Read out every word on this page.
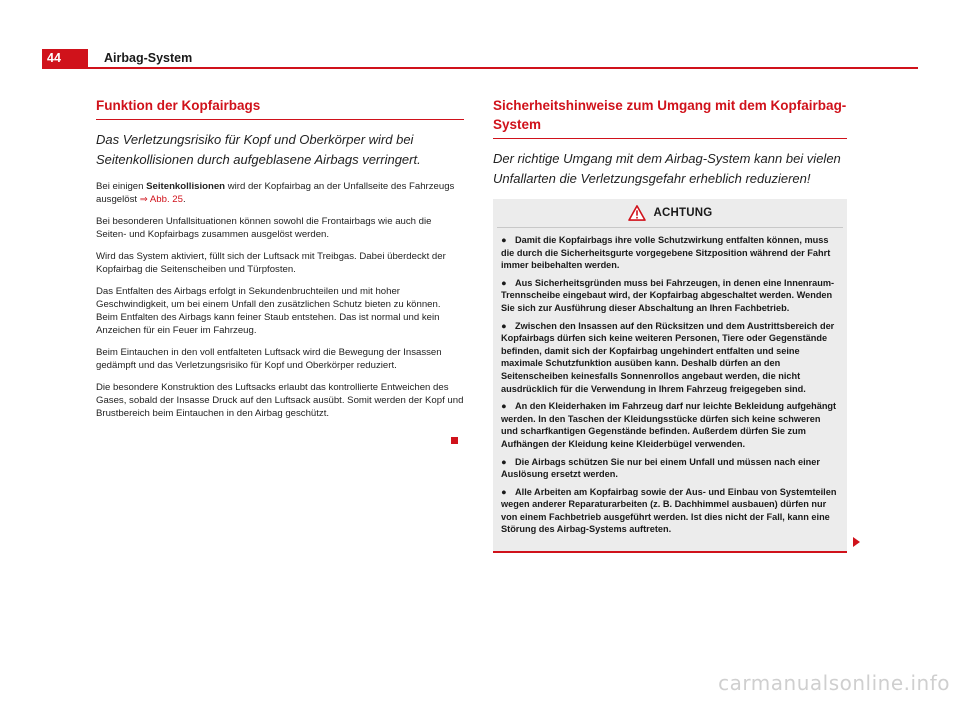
44	Airbag-System
Funktion der Kopfairbags
Das Verletzungsrisiko für Kopf und Oberkörper wird bei Seitenkollisionen durch aufgeblasene Airbags verringert.
Bei einigen Seitenkollisionen wird der Kopfairbag an der Unfallseite des Fahrzeugs ausgelöst ⇒ Abb. 25.
Bei besonderen Unfallsituationen können sowohl die Frontairbags wie auch die Seiten- und Kopfairbags zusammen ausgelöst werden.
Wird das System aktiviert, füllt sich der Luftsack mit Treibgas. Dabei überdeckt der Kopfairbag die Seitenscheiben und Türpfosten.
Das Entfalten des Airbags erfolgt in Sekundenbruchteilen und mit hoher Geschwindigkeit, um bei einem Unfall den zusätzlichen Schutz bieten zu können. Beim Entfalten des Airbags kann feiner Staub entstehen. Das ist normal und kein Anzeichen für ein Feuer im Fahrzeug.
Beim Eintauchen in den voll entfalteten Luftsack wird die Bewegung der Insassen gedämpft und das Verletzungsrisiko für Kopf und Oberkörper reduziert.
Die besondere Konstruktion des Luftsacks erlaubt das kontrollierte Entweichen des Gases, sobald der Insasse Druck auf den Luftsack ausübt. Somit werden der Kopf und Brustbereich beim Eintauchen in den Airbag geschützt.
Sicherheitshinweise zum Umgang mit dem Kopfairbag-System
Der richtige Umgang mit dem Airbag-System kann bei vielen Unfallarten die Verletzungsgefahr erheblich reduzieren!
ACHTUNG
● Damit die Kopfairbags ihre volle Schutzwirkung entfalten können, muss die durch die Sicherheitsgurte vorgegebene Sitzposition während der Fahrt immer beibehalten werden.
● Aus Sicherheitsgründen muss bei Fahrzeugen, in denen eine Innenraum-Trennscheibe eingebaut wird, der Kopfairbag abgeschaltet werden. Wenden Sie sich zur Ausführung dieser Abschaltung an Ihren Fachbetrieb.
● Zwischen den Insassen auf den Rücksitzen und dem Austrittsbereich der Kopfairbags dürfen sich keine weiteren Personen, Tiere oder Gegenstände befinden, damit sich der Kopfairbag ungehindert entfalten und seine maximale Schutzfunktion ausüben kann. Deshalb dürfen an den Seitenscheiben keinesfalls Sonnenrollos angebaut werden, die nicht ausdrücklich für die Verwendung in Ihrem Fahrzeug freigegeben sind.
● An den Kleiderhaken im Fahrzeug darf nur leichte Bekleidung aufgehängt werden. In den Taschen der Kleidungsstücke dürfen sich keine schweren und scharfkantigen Gegenstände befinden. Außerdem dürfen Sie zum Aufhängen der Kleidung keine Kleiderbügel verwenden.
● Die Airbags schützen Sie nur bei einem Unfall und müssen nach einer Auslösung ersetzt werden.
● Alle Arbeiten am Kopfairbag sowie der Aus- und Einbau von Systemteilen wegen anderer Reparaturarbeiten (z. B. Dachhimmel ausbauen) dürfen nur von einem Fachbetrieb ausgeführt werden. Ist dies nicht der Fall, kann eine Störung des Airbag-Systems auftreten.
carmanualsonline.info
